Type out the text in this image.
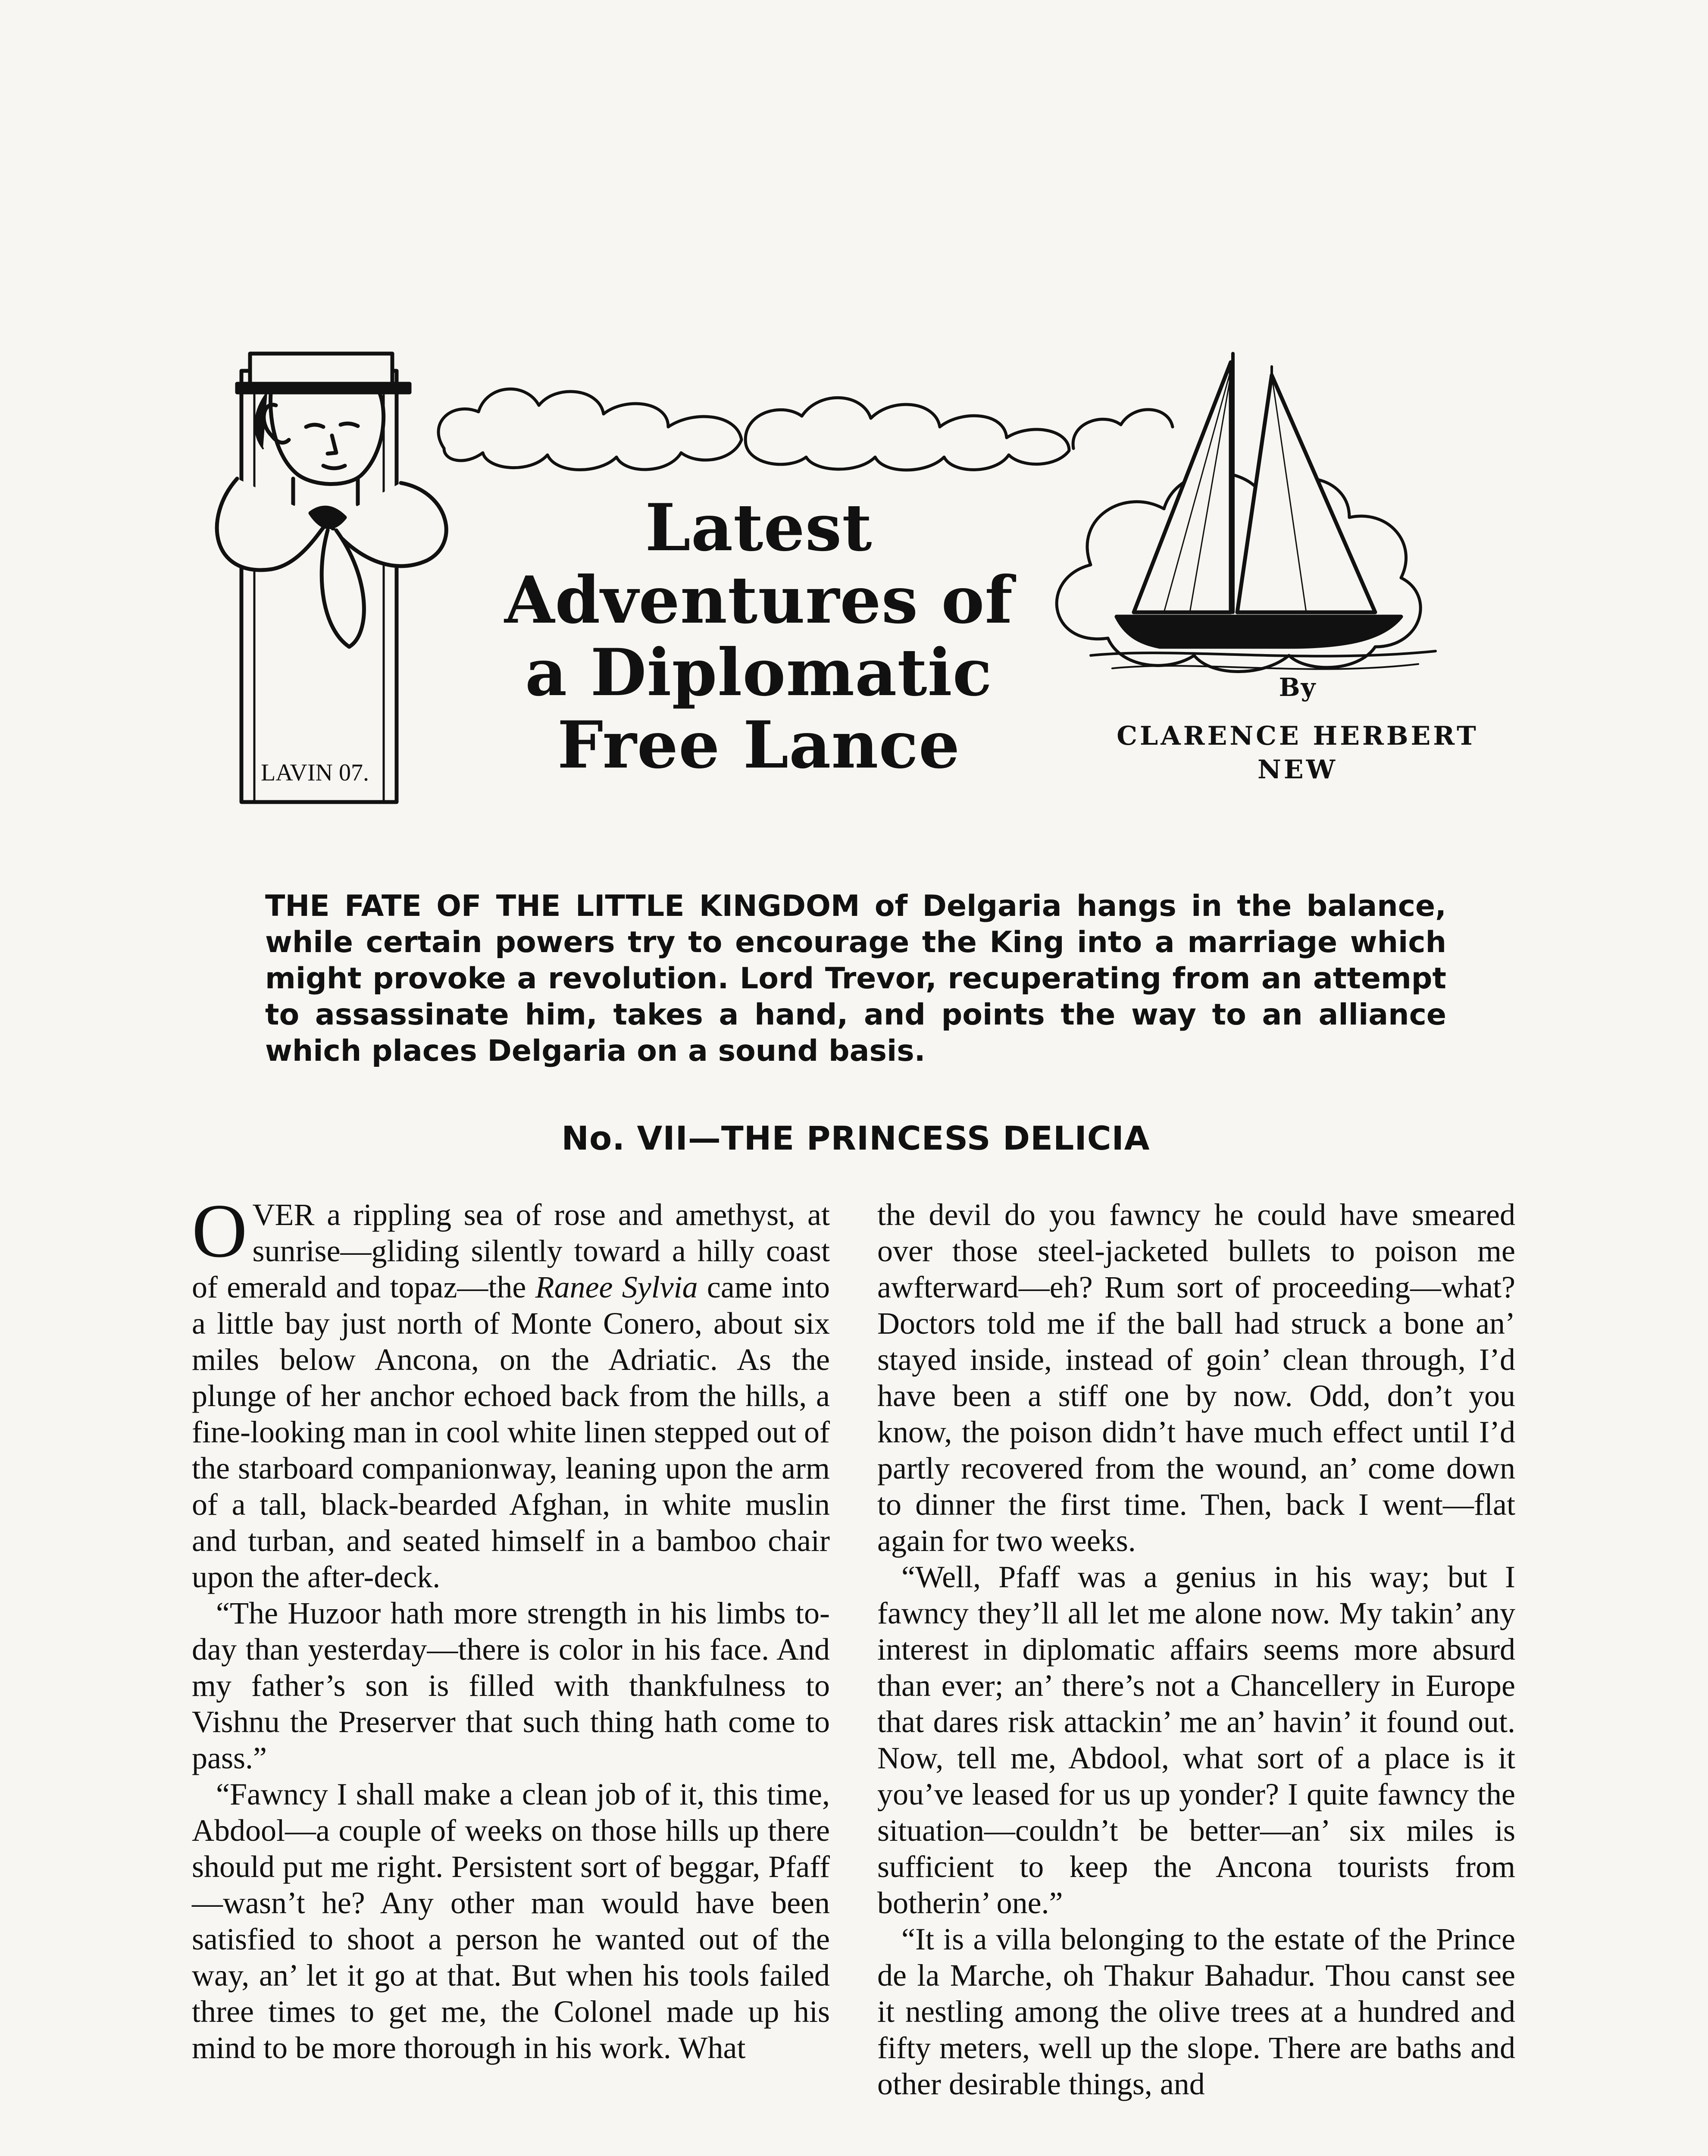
LAVIN 07.
Latest
Adventures of
a Diplomatic
Free Lance
By
CLARENCE HERBERT
NEW
THE FATE OF THE LITTLE KINGDOM of Delgaria hangs in the balance, while certain powers try to encourage the King into a marriage which might provoke a revolution. Lord Trevor, recuperating from an attempt to assassinate him, takes a hand, and points the way to an alliance which places Delgaria on a sound basis.
No. VII—THE PRINCESS DELICIA

OVER a rippling sea of rose and amethyst, at sunrise—gliding silently toward a hilly coast of emerald and topaz—the Ranee Sylvia came into a little bay just north of Monte Conero, about six miles below Ancona, on the Adriatic. As the plunge of her anchor echoed back from the hills, a fine-looking man in cool white linen stepped out of the starboard companionway, leaning upon the arm of a tall, black-bearded Afghan, in white muslin and turban, and seated himself in a bamboo chair upon the after-deck.

“The Huzoor hath more strength in his limbs to-day than yesterday—there is color in his face. And my father’s son is filled with thankfulness to Vishnu the Preserver that such thing hath come to pass.”

“Fawncy I shall make a clean job of it, this time, Abdool—a couple of weeks on those hills up there should put me right. Persistent sort of beggar, Pfaff—wasn’t he? Any other man would have been satisfied to shoot a person he wanted out of the way, an’ let it go at that. But when his tools failed three times to get me, the Colonel made up his mind to be more thorough in his work. What

the devil do you fawncy he could have smeared over those steel-jacketed bullets to poison me awfterward—eh? Rum sort of proceeding—what? Doctors told me if the ball had struck a bone an’ stayed inside, instead of goin’ clean through, I’d have been a stiff one by now. Odd, don’t you know, the poison didn’t have much effect until I’d partly recovered from the wound, an’ come down to dinner the first time. Then, back I went—flat again for two weeks.

“Well, Pfaff was a genius in his way; but I fawncy they’ll all let me alone now. My takin’ any interest in diplomatic affairs seems more absurd than ever; an’ there’s not a Chancellery in Europe that dares risk attackin’ me an’ havin’ it found out. Now, tell me, Abdool, what sort of a place is it you’ve leased for us up yonder? I quite fawncy the situation—couldn’t be better—an’ six miles is sufficient to keep the Ancona tourists from botherin’ one.”

“It is a villa belonging to the estate of the Prince de la Marche, oh Thakur Bahadur. Thou canst see it nestling among the olive trees at a hundred and fifty meters, well up the slope. There are baths and other desirable things, and
